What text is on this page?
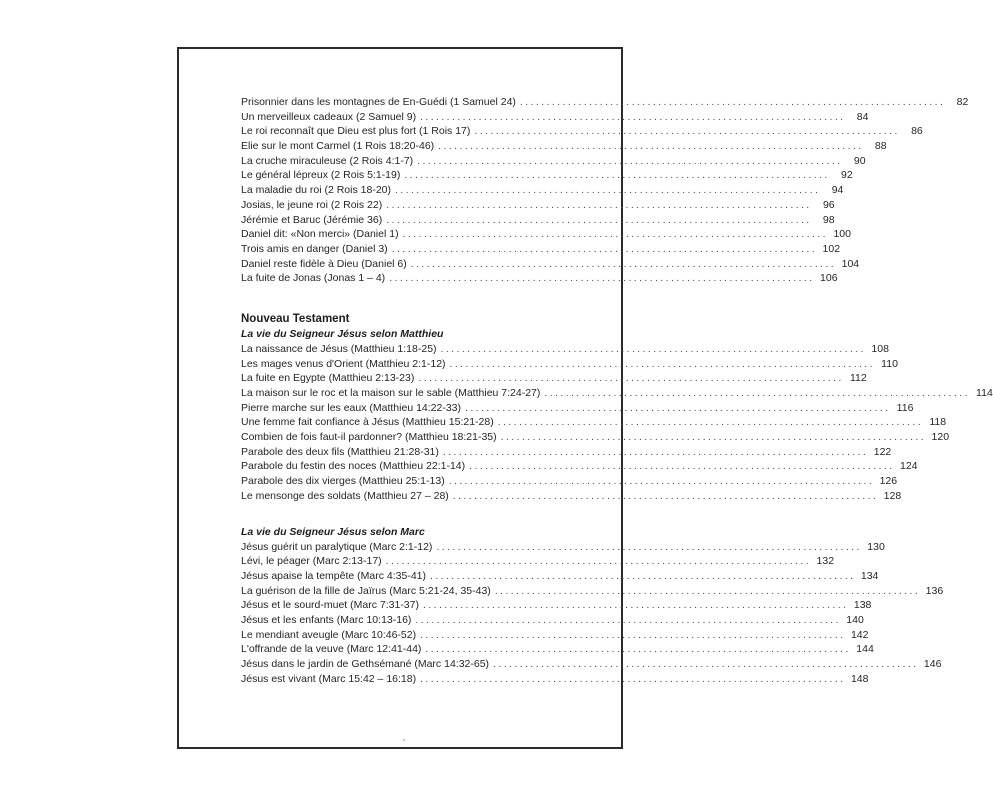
Prisonnier dans les montagnes de En-Guédi (1 Samuel 24) ................................................................................	82
Un merveilleux cadeaux (2 Samuel 9) ................................................................................	84
Le roi reconnaît que Dieu est plus fort (1 Rois 17) ................................................................................	86
Elie sur le mont Carmel (1 Rois 18:20-46) ................................................................................	88
La cruche miraculeuse (2 Rois 4:1-7) ................................................................................	90
Le général lépreux (2 Rois 5:1-19) ................................................................................	92
La maladie du roi (2 Rois 18-20) ................................................................................	94
Josias, le jeune roi (2 Rois 22) ................................................................................	96
Jérémie et Baruc (Jérémie 36) ................................................................................	98
Daniel dit: «Non merci» (Daniel 1) ................................................................................ 100
Trois amis en danger (Daniel 3) ................................................................................ 102
Daniel reste fidèle à Dieu (Daniel 6) ................................................................................ 104
La fuite de Jonas (Jonas 1 – 4) ................................................................................ 106
Nouveau Testament
La vie du Seigneur Jésus selon Matthieu
La naissance de Jésus (Matthieu 1:18-25) ................................................................................ 108
Les mages venus d'Orient (Matthieu 2:1-12) ................................................................................ 110
La fuite en Egypte (Matthieu 2:13-23) ................................................................................ 112
La maison sur le roc et la maison sur le sable (Matthieu 7:24-27) ................................................................................ 114
Pierre marche sur les eaux (Matthieu 14:22-33) ................................................................................ 116
Une femme fait confiance à Jésus (Matthieu 15:21-28) ................................................................................ 118
Combien de fois faut-il pardonner? (Matthieu 18:21-35) ................................................................................ 120
Parabole des deux fils (Matthieu 21:28-31) ................................................................................ 122
Parabole du festin des noces (Matthieu 22:1-14) ................................................................................ 124
Parabole des dix vierges (Matthieu 25:1-13) ................................................................................ 126
Le mensonge des soldats (Matthieu 27 – 28) ................................................................................ 128
La vie du Seigneur Jésus selon Marc
Jésus guérit un paralytique (Marc 2:1-12) ................................................................................ 130
Lévi, le péager (Marc 2:13-17) ................................................................................ 132
Jésus apaise la tempête (Marc 4:35-41) ................................................................................ 134
La guérison de la fille de Jaïrus (Marc 5:21-24, 35-43) ................................................................................ 136
Jésus et le sourd-muet (Marc 7:31-37) ................................................................................ 138
Jésus et les enfants (Marc 10:13-16) ................................................................................ 140
Le mendiant aveugle (Marc 10:46-52) ................................................................................ 142
L'offrande de la veuve (Marc 12:41-44) ................................................................................ 144
Jésus dans le jardin de Gethsémané (Marc 14:32-65) ................................................................................ 146
Jésus est vivant (Marc 15:42 – 16:18) ................................................................................ 148
